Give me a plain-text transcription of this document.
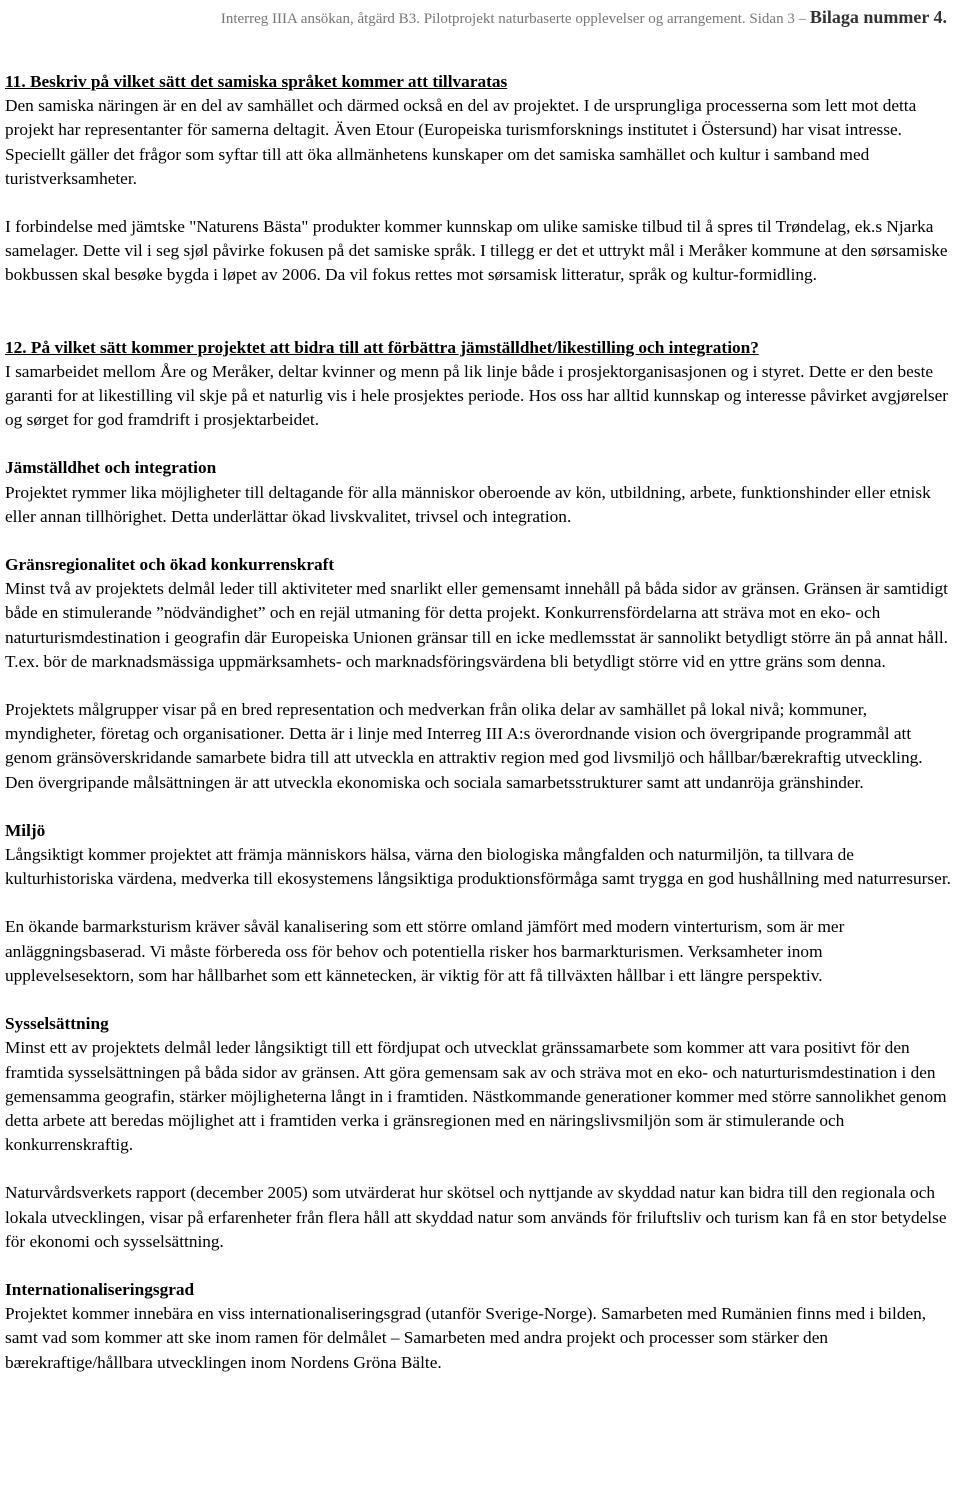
Interreg IIIA ansökan, åtgärd B3. Pilotprojekt naturbaserte opplevelser og arrangement. Sidan 3 – Bilaga nummer 4.
11. Beskriv på vilket sätt det samiska språket kommer att tillvaratas

Den samiska näringen är en del av samhället och därmed också en del av projektet. I de ursprungliga processerna som lett mot detta projekt har representanter för samerna deltagit. Även Etour (Europeiska turismforsknings institutet i Östersund) har visat intresse. Speciellt gäller det frågor som syftar till att öka allmänhetens kunskaper om det samiska samhället och kultur i samband med turistverksamheter.

I forbindelse med jämtske "Naturens Bästa" produkter kommer kunnskap om ulike samiske tilbud til å spres til Trøndelag, ek.s Njarka samelager. Dette vil i seg sjøl påvirke fokusen på det samiske språk. I tillegg er det et uttrykt mål i Meråker kommune at den sørsamiske bokbussen skal besøke bygda i løpet av 2006. Da vil fokus rettes mot sørsamisk litteratur, språk og kultur-formidling.

12. På vilket sätt kommer projektet att bidra till att förbättra jämställdhet/likestilling och integration?

I samarbeidet mellom Åre og Meråker, deltar kvinner og menn på lik linje både i prosjektorganisasjonen og i styret. Dette er den beste garanti for at likestilling vil skje på et naturlig vis i hele prosjektes periode. Hos oss har alltid kunnskap og interesse påvirket avgjørelser og sørget for god framdrift i prosjektarbeidet.

Jämställdhet och integration

Projektet rymmer lika möjligheter till deltagande för alla människor oberoende av kön, utbildning, arbete, funktionshinder eller etnisk eller annan tillhörighet. Detta underlättar ökad livskvalitet, trivsel och integration.

Gränsregionalitet och ökad konkurrenskraft

Minst två av projektets delmål leder till aktiviteter med snarlikt eller gemensamt innehåll på båda sidor av gränsen. Gränsen är samtidigt både en stimulerande ”nödvändighet” och en rejäl utmaning för detta projekt. Konkurrensfördelarna att sträva mot en eko- och naturturismdestination i geografin där Europeiska Unionen gränsar till en icke medlemsstat är sannolikt betydligt större än på annat håll. T.ex. bör de marknadsmässiga uppmärksamhets- och marknadsföringsvärdena bli betydligt större vid en yttre gräns som denna.

Projektets målgrupper visar på en bred representation och medverkan från olika delar av samhället på lokal nivå; kommuner, myndigheter, företag och organisationer. Detta är i linje med Interreg III A:s överordnande vision och övergripande programmål att genom gränsöverskridande samarbete bidra till att utveckla en attraktiv region med god livsmiljö och hållbar/bærekraftig utveckling. Den övergripande målsättningen är att utveckla ekonomiska och sociala samarbetsstrukturer samt att undanröja gränshinder.

Miljö

Långsiktigt kommer projektet att främja människors hälsa, värna den biologiska mångfalden och naturmiljön, ta tillvara de kulturhistoriska värdena, medverka till ekosystemens långsiktiga produktionsförmåga samt trygga en god hushållning med naturresurser.

En ökande barmarksturism kräver såväl kanalisering som ett större omland jämfört med modern vinterturism, som är mer anläggningsbaserad. Vi måste förbereda oss för behov och potentiella risker hos barmarkturismen. Verksamheter inom upplevelsesektorn, som har hållbarhet som ett kännetecken, är viktig för att få tillväxten hållbar i ett längre perspektiv.

Sysselsättning

Minst ett av projektets delmål leder långsiktigt till ett fördjupat och utvecklat gränssamarbete som kommer att vara positivt för den framtida sysselsättningen på båda sidor av gränsen. Att göra gemensam sak av och sträva mot en eko- och naturturismdestination i den gemensamma geografin, stärker möjligheterna långt in i framtiden. Nästkommande generationer kommer med större sannolikhet genom detta arbete att beredas möjlighet att i framtiden verka i gränsregionen med en näringslivsmiljön som är stimulerande och konkurrenskraftig.

Naturvårdsverkets rapport (december 2005) som utvärderat hur skötsel och nyttjande av skyddad natur kan bidra till den regionala och lokala utvecklingen, visar på erfarenheter från flera håll att skyddad natur som används för friluftsliv och turism kan få en stor betydelse för ekonomi och sysselsättning.

Internationaliseringsgrad

Projektet kommer innebära en viss internationaliseringsgrad (utanför Sverige-Norge). Samarbeten med Rumänien finns med i bilden, samt vad som kommer att ske inom ramen för delmålet – Samarbeten med andra projekt och processer som stärker den bærekraftige/hållbara utvecklingen inom Nordens Gröna Bälte.
